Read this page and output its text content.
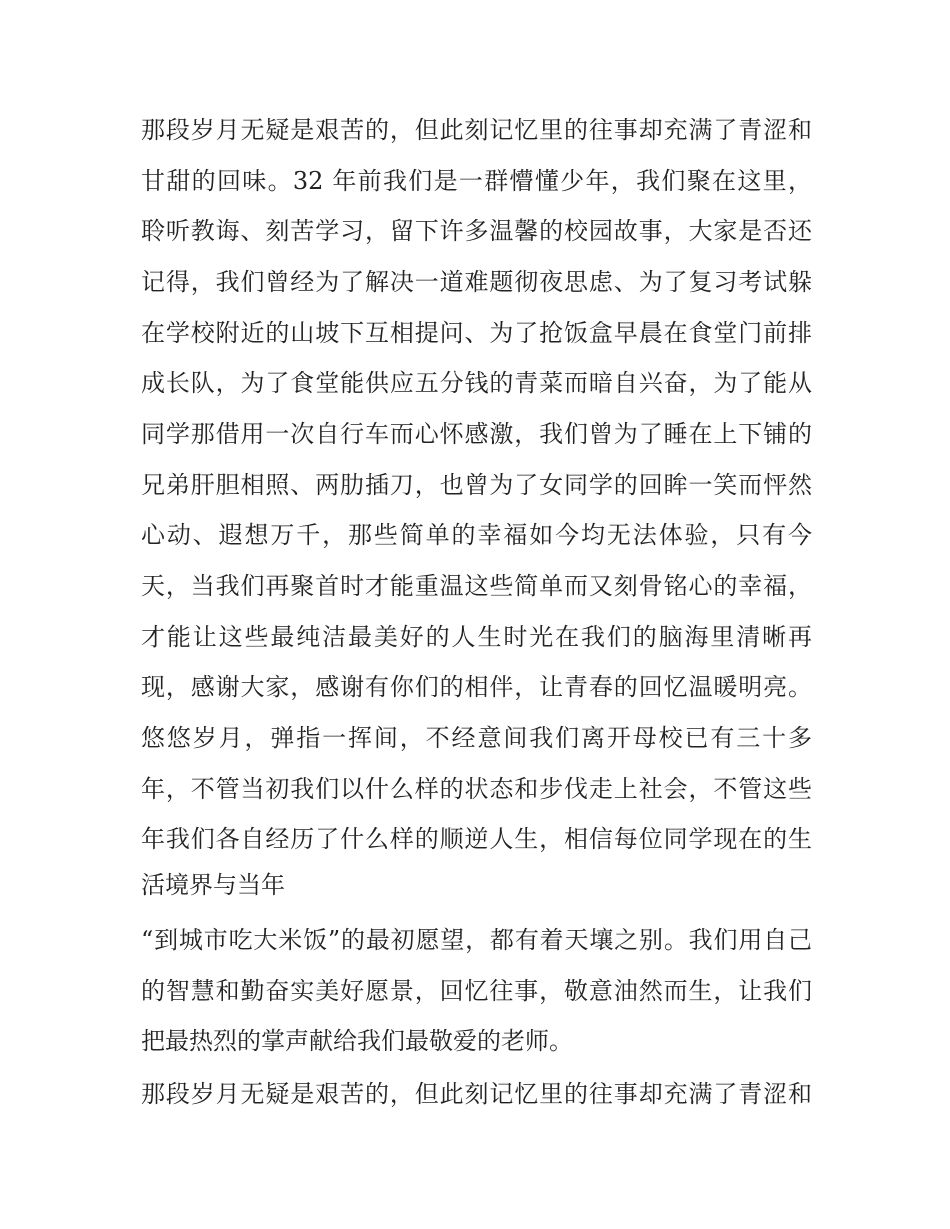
那段岁月无疑是艰苦的，但此刻记忆里的往事却充满了青涩和

甘甜的回味。32 年前我们是一群懵懂少年，我们聚在这里，

聆听教诲、刻苦学习，留下许多温馨的校园故事，大家是否还

记得，我们曾经为了解决一道难题彻夜思虑、为了复习考试躲

在学校附近的山坡下互相提问、为了抢饭盒早晨在食堂门前排

成长队，为了食堂能供应五分钱的青菜而暗自兴奋，为了能从

同学那借用一次自行车而心怀感激，我们曾为了睡在上下铺的

兄弟肝胆相照、两肋插刀，也曾为了女同学的回眸一笑而怦然

心动、遐想万千，那些简单的幸福如今均无法体验，只有今

天，当我们再聚首时才能重温这些简单而又刻骨铭心的幸福，

才能让这些最纯洁最美好的人生时光在我们的脑海里清晰再

现，感谢大家，感谢有你们的相伴，让青春的回忆温暖明亮。

悠悠岁月，弹指一挥间，不经意间我们离开母校已有三十多

年，不管当初我们以什么样的状态和步伐走上社会，不管这些

年我们各自经历了什么样的顺逆人生，相信每位同学现在的生

活境界与当年

“到城市吃大米饭”的最初愿望，都有着天壤之别。我们用自己

的智慧和勤奋实美好愿景，回忆往事，敬意油然而生，让我们

把最热烈的掌声献给我们最敬爱的老师。

那段岁月无疑是艰苦的，但此刻记忆里的往事却充满了青涩和
